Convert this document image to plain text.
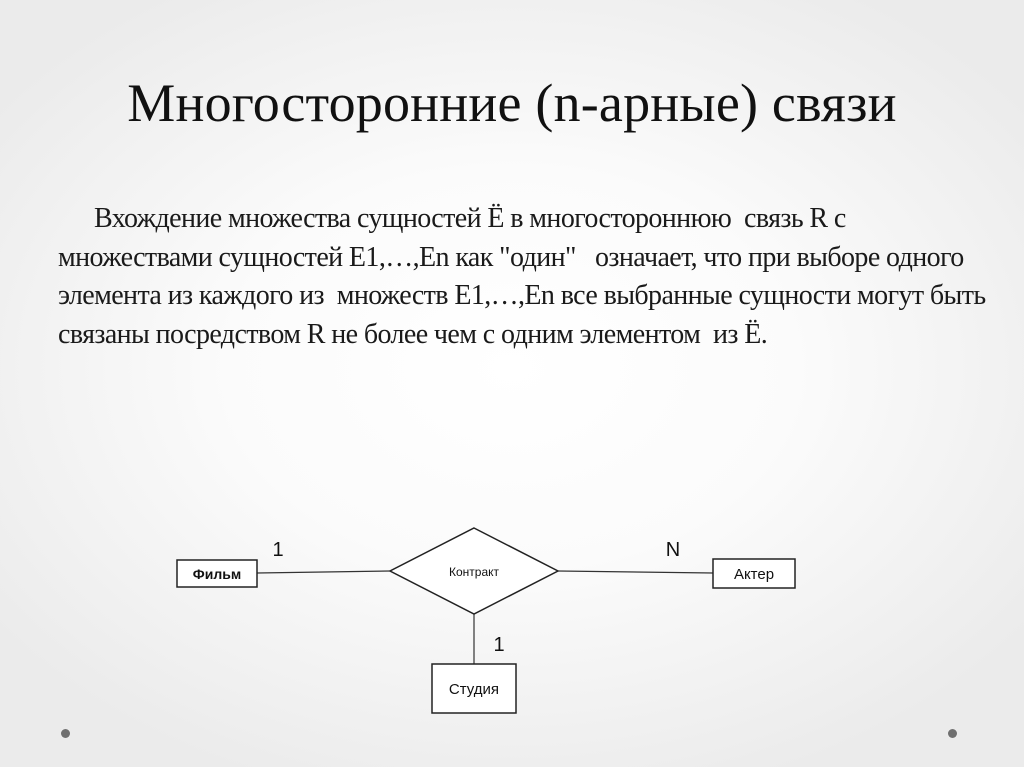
Многосторонние (n-арные) связи

Вхождение множества сущностей Ё в многостороннюю  связь R с множествами сущностей E1,…,En как "один"   означает, что при выборе одного элемента из каждого из  множеств E1,…,En все выбранные сущности могут быть  связаны посредством R не более чем с одним элементом  из Ё.

Контракт
Фильм	Актер
Студия
1	N
1
